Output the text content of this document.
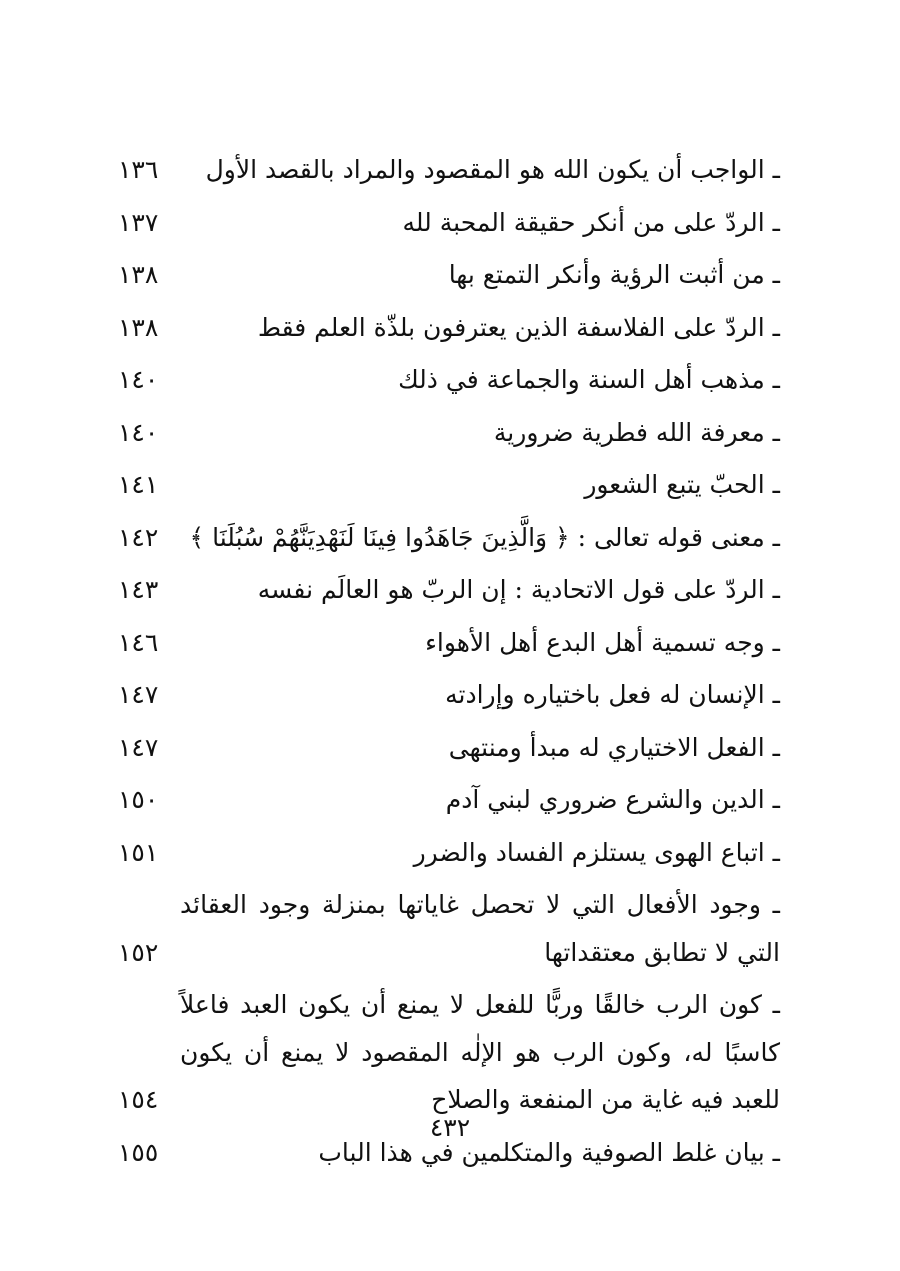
ـ الواجب أن يكون الله هو المقصود والمراد بالقصد الأول
١٣٦
ـ الردّ على من أنكر حقيقة المحبة لله
١٣٧
ـ من أثبت الرؤية وأنكر التمتع بها
١٣٨
ـ الردّ على الفلاسفة الذين يعترفون بلذّة العلم فقط
١٣٨
ـ مذهب أهل السنة والجماعة في ذلك
١٤٠
ـ معرفة الله فطرية ضرورية
١٤٠
ـ الحبّ يتبع الشعور
١٤١
ـ معنى قوله تعالى : ﴿ وَالَّذِينَ جَاهَدُوا فِينَا لَنَهْدِيَنَّهُمْ سُبُلَنَا ﴾
١٤٢
ـ الردّ على قول الاتحادية : إن الربّ هو العالَم نفسه
١٤٣
ـ وجه تسمية أهل البدع أهل الأهواء
١٤٦
ـ الإنسان له فعل باختياره وإرادته
١٤٧
ـ الفعل الاختياري له مبدأ ومنتهى
١٤٧
ـ الدين والشرع ضروري لبني آدم
١٥٠
ـ اتباع الهوى يستلزم الفساد والضرر
١٥١
ـ وجود الأفعال التي لا تحصل غاياتها بمنزلة وجود العقائد التي لا تطابق معتقداتها
١٥٢
ـ كون الرب خالقًا وربًّا للفعل لا يمنع أن يكون العبد فاعلاً كاسبًا له، وكون الرب هو الإلٰه المقصود لا يمنع أن يكون للعبد فيه غاية من المنفعة والصلاح
١٥٤
ـ بيان غلط الصوفية والمتكلمين في هذا الباب
١٥٥
٤٣٢
